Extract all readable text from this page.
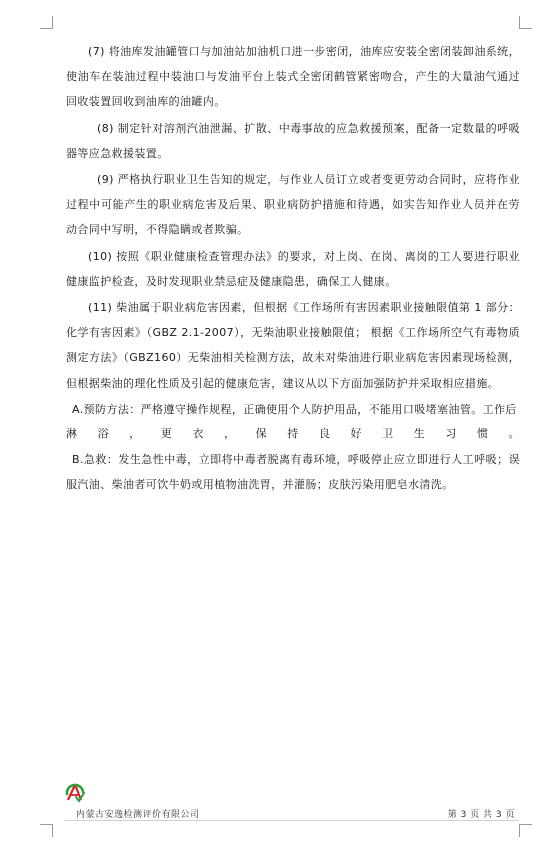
(7) 将油库发油罐管口与加油站加油机口进一步密闭，油库应安装全密闭装卸油系统，使油车在装油过程中装油口与发油平台上装式全密闭鹤管紧密吻合，产生的大量油气通过回收装置回收到油库的油罐内。

(8) 制定针对溶剂汽油泄漏、扩散、中毒事故的应急救援预案，配备一定数量的呼吸器等应急救援装置。

(9) 严格执行职业卫生告知的规定，与作业人员订立或者变更劳动合同时，应将作业过程中可能产生的职业病危害及后果、职业病防护措施和待遇，如实告知作业人员并在劳动合同中写明，不得隐瞒或者欺骗。

(10) 按照《职业健康检查管理办法》的要求，对上岗、在岗、离岗的工人要进行职业健康监护检查，及时发现职业禁忌症及健康隐患，确保工人健康。

(11) 柴油属于职业病危害因素，但根据《工作场所有害因素职业接触限值第 1 部分：化学有害因素》（GBZ 2.1-2007），无柴油职业接触限值； 根据《工作场所空气有毒物质测定方法》（GBZ160）无柴油相关检测方法，故未对柴油进行职业病危害因素现场检测，但根据柴油的理化性质及引起的健康危害，建议从以下方面加强防护并采取相应措施。

A.预防方法：严格遵守操作规程，正确使用个人防护用品，不能用口吸堵塞油管。工作后

淋 浴 ， 更 衣 ， 保 持 良 好 卫 生 习 惯 。

B.急救：发生急性中毒，立即将中毒者脱离有毒环境，呼吸停止应立即进行人工呼吸；误服汽油、柴油者可饮牛奶或用植物油洗胃，并灌肠；皮肤污染用肥皂水清洗。

内蒙古安逸检测评价有限公司	第 3 页 共 3 页
